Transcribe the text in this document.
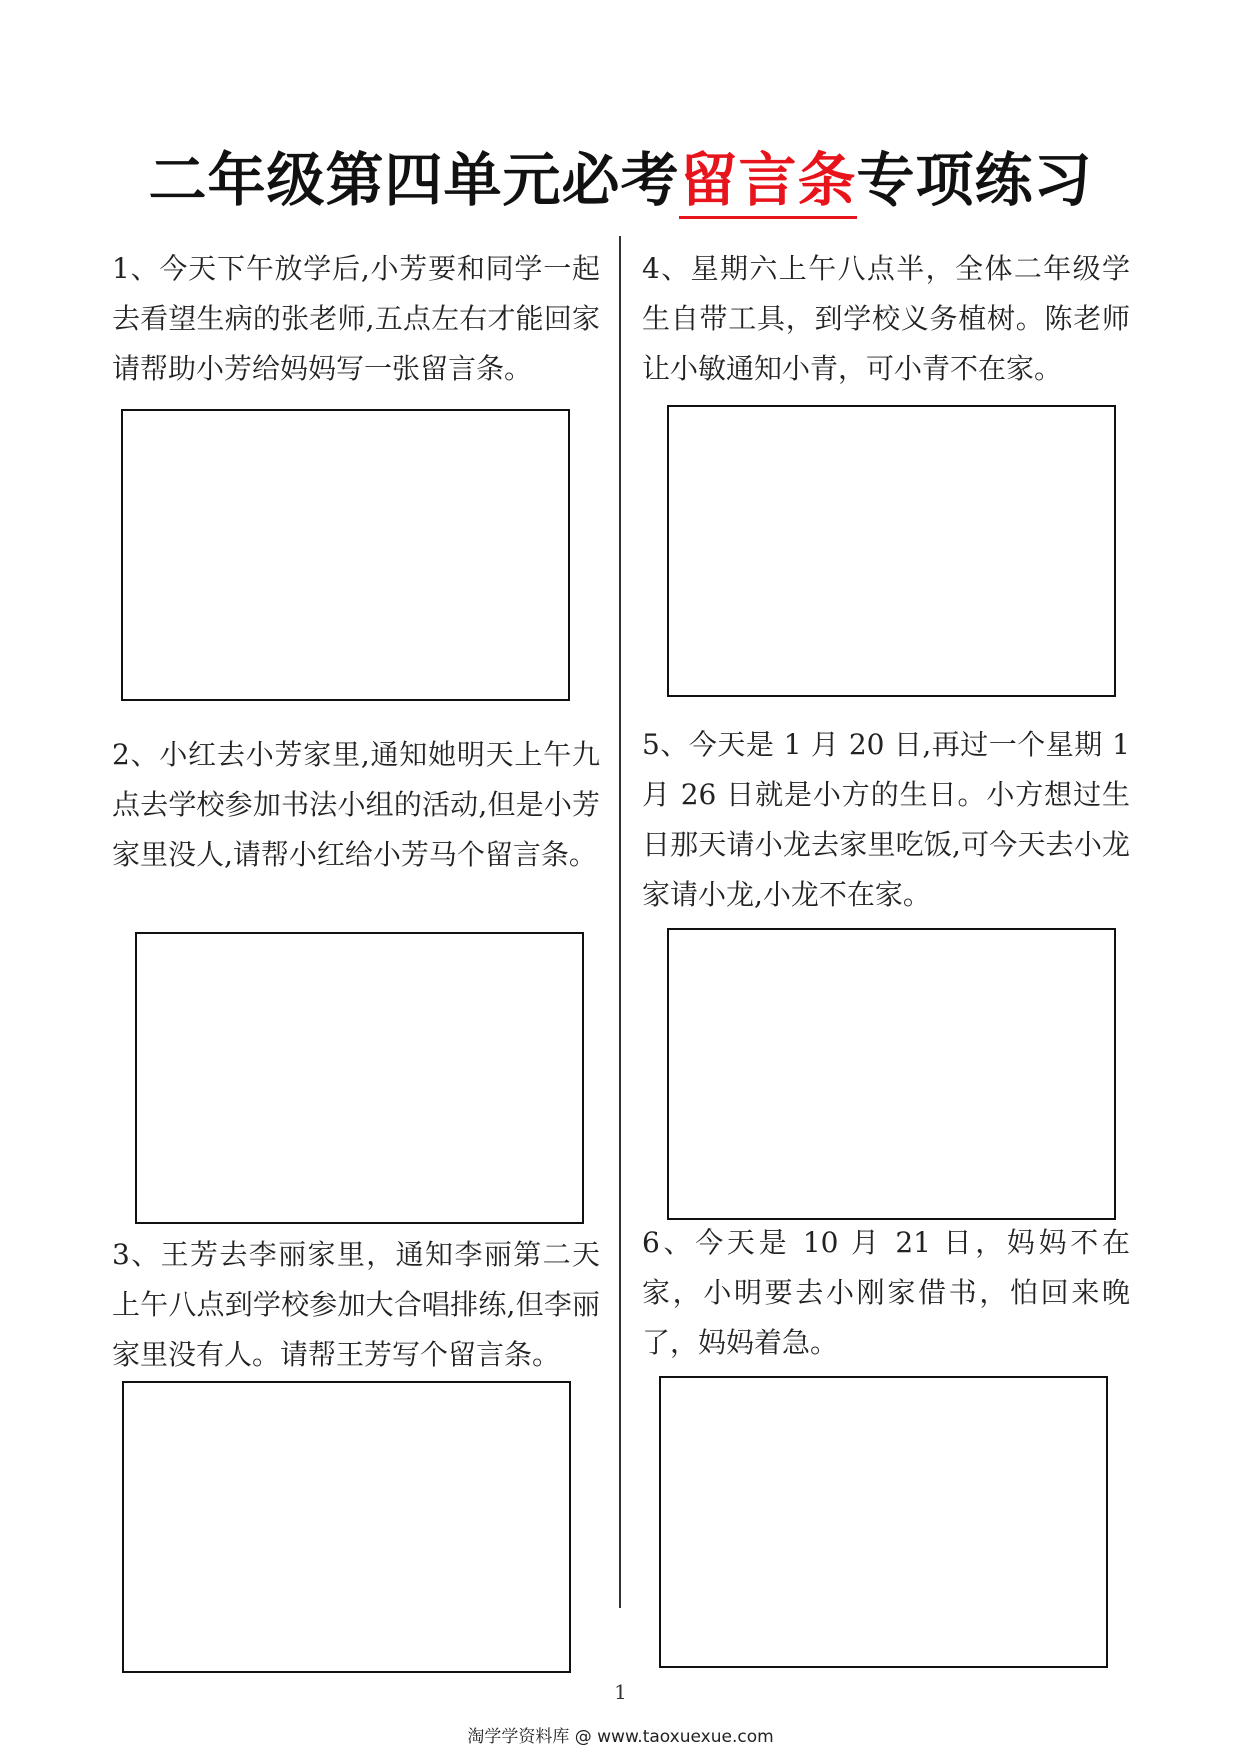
二年级第四单元必考留言条专项练习
1、今天下午放学后,小芳要和同学一起去看望生病的张老师,五点左右才能回家请帮助小芳给妈妈写一张留言条。
2、小红去小芳家里,通知她明天上午九点去学校参加书法小组的活动,但是小芳家里没人,请帮小红给小芳马个留言条。
3、王芳去李丽家里，通知李丽第二天上午八点到学校参加大合唱排练,但李丽家里没有人。请帮王芳写个留言条。
4、星期六上午八点半，全体二年级学生自带工具，到学校义务植树。陈老师让小敏通知小青，可小青不在家。
5、今天是 1 月 20 日,再过一个星期 1 月 26 日就是小方的生日。小方想过生日那天请小龙去家里吃饭,可今天去小龙家请小龙,小龙不在家。
6、今天是 10 月 21 日，妈妈不在家，小明要去小刚家借书，怕回来晚了，妈妈着急。
1
淘学学资料库 @ www.taoxuexue.com
